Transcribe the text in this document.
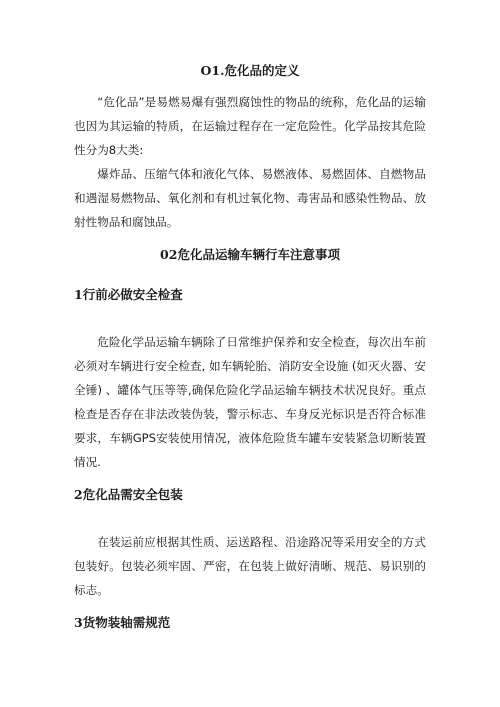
O1.危化品的定义

“危化品”是易燃易爆有强烈腐蚀性的物品的统称，危化品的运输也因为其运输的特质，在运输过程存在一定危险性。化学品按其危险性分为8大类:

爆炸品、压缩气体和液化气体、易燃液体、易燃固体、自燃物品和遇湿易燃物品、氧化剂和有机过氧化物、毒害品和感染性物品、放射性物品和腐蚀品。

02危化品运输车辆行车注意事项
1行前必做安全检查

危险化学品运输车辆除了日常维护保养和安全检查，每次出车前必须对车辆进行安全检查, 如车辆轮胎、消防安全设施 (如灭火器、安全锤) 、罐体气压等等,确保危险化学品运输车辆技术状况良好。重点检查是否存在非法改装伪装，警示标志、车身反光标识是否符合标准要求，车辆GPS安装使用情况，液体危险货车罐车安装紧急切断装置情况.

2危化品需安全包装

在装运前应根据其性质、运送路程、沿途路况等采用安全的方式包装好。包装必须牢固、严密，在包装上做好清晰、规范、易识别的标志。

3货物装轴需规范
